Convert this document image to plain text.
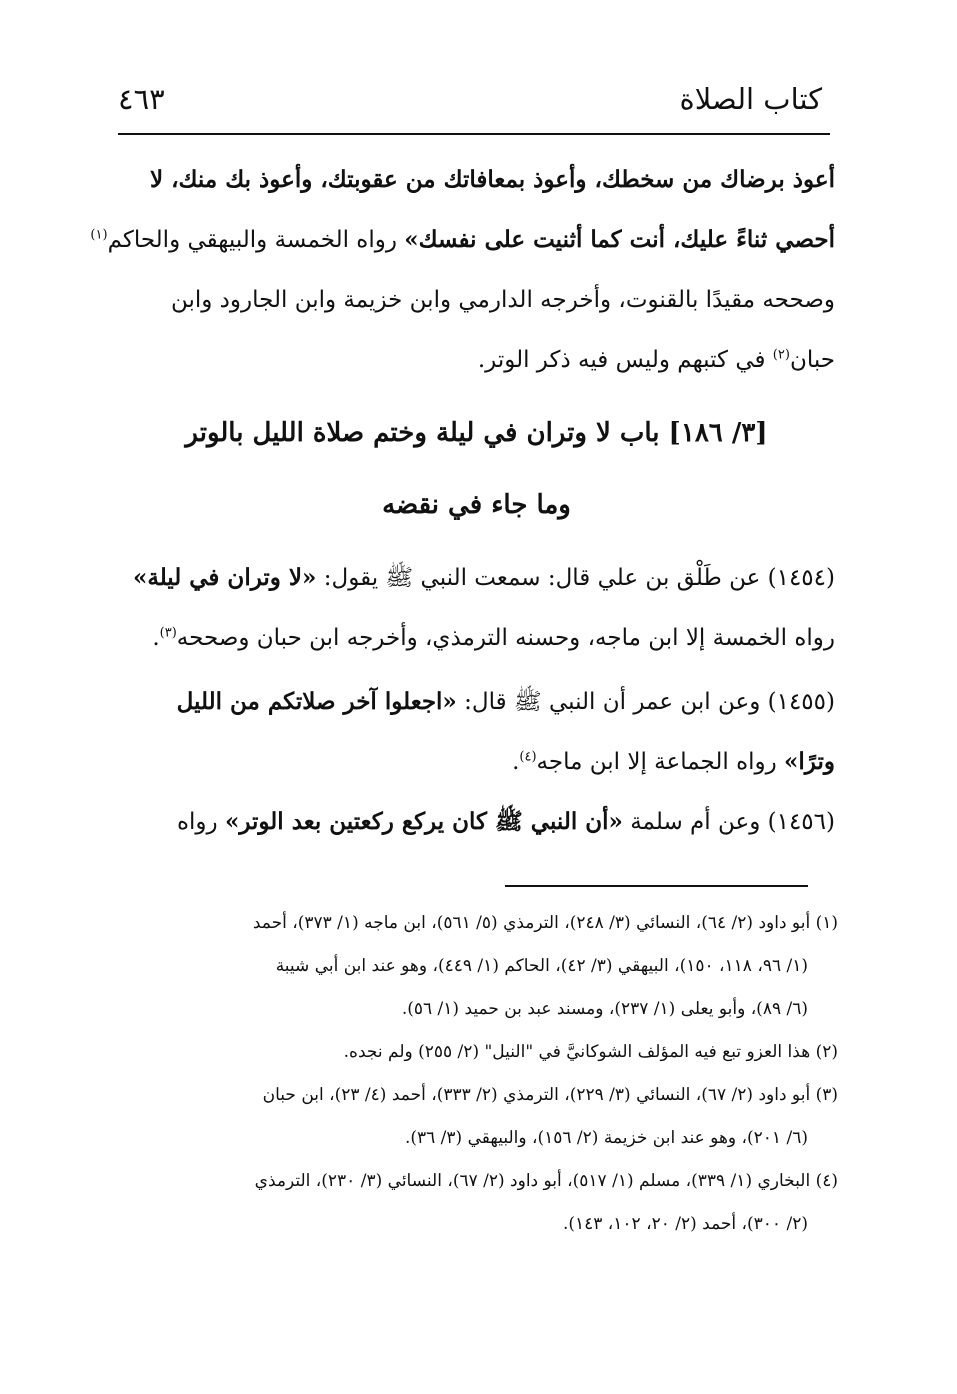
كتاب الصلاة
٤٦٣
أعوذ برضاك من سخطك، وأعوذ بمعافاتك من عقوبتك، وأعوذ بك منك، لا
أحصي ثناءً عليك، أنت كما أثنيت على نفسك» رواه الخمسة والبيهقي والحاكم$^{(١)}$
وصححه مقيدًا بالقنوت، وأخرجه الدارمي وابن خزيمة وابن الجارود وابن
حبان$^{(٢)}$ في كتبهم وليس فيه ذكر الوتر.
[٣/ ١٨٦] باب لا وتران في ليلة وختم صلاة الليل بالوتر
وما جاء في نقضه
(١٤٥٤) عن طَلْق بن علي قال: سمعت النبي ﷺ يقول: «لا وتران في ليلة»
رواه الخمسة إلا ابن ماجه، وحسنه الترمذي، وأخرجه ابن حبان وصححه$^{(٣)}$.
(١٤٥٥) وعن ابن عمر أن النبي ﷺ قال: «اجعلوا آخر صلاتكم من الليل
وترًا» رواه الجماعة إلا ابن ماجه$^{(٤)}$.
(١٤٥٦) وعن أم سلمة «أن النبي ﷺ كان يركع ركعتين بعد الوتر» رواه
(١) أبو داود (٢/ ٦٤)، النسائي (٣/ ٢٤٨)، الترمذي (٥/ ٥٦١)، ابن ماجه (١/ ٣٧٣)، أحمد
(١/ ٩٦، ١١٨، ١٥٠)، البيهقي (٣/ ٤٢)، الحاكم (١/ ٤٤٩)، وهو عند ابن أبي شيبة
(٦/ ٨٩)، وأبو يعلى (١/ ٢٣٧)، ومسند عبد بن حميد (١/ ٥٦).
(٢) هذا العزو تبع فيه المؤلف الشوكانيَّ في "النيل" (٢/ ٢٥٥) ولم نجده.
(٣) أبو داود (٢/ ٦٧)، النسائي (٣/ ٢٢٩)، الترمذي (٢/ ٣٣٣)، أحمد (٤/ ٢٣)، ابن حبان
(٦/ ٢٠١)، وهو عند ابن خزيمة (٢/ ١٥٦)، والبيهقي (٣/ ٣٦).
(٤) البخاري (١/ ٣٣٩)، مسلم (١/ ٥١٧)، أبو داود (٢/ ٦٧)، النسائي (٣/ ٢٣٠)، الترمذي
(٢/ ٣٠٠)، أحمد (٢/ ٢٠، ١٠٢، ١٤٣).
